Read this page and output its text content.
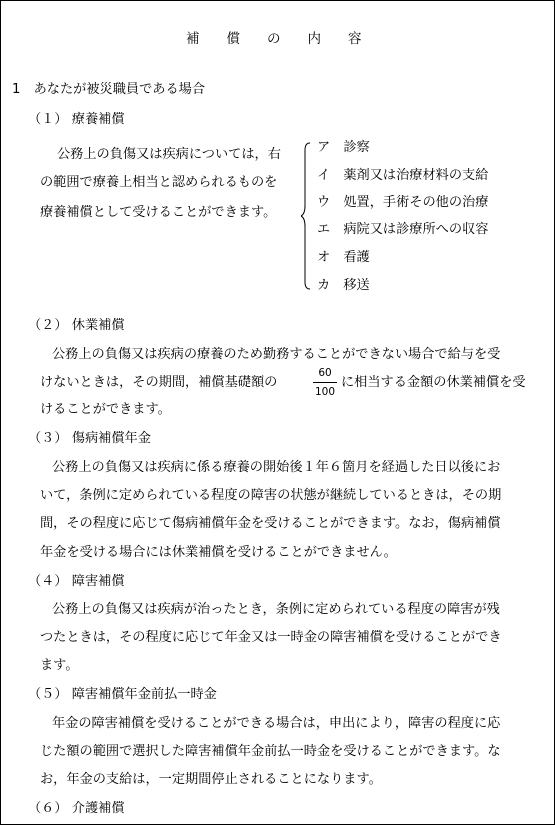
補　　償　　の　　内　　容
1　あなたが被災職員である場合
（１） 療養補償
公務上の負傷又は疾病については，右
の範囲で療養上相当と認められるものを
療養補償として受けることができます。
ア　診察
イ　薬剤又は治療材料の支給
ウ　処置，手術その他の治療
エ　病院又は診療所への収容
オ　看護
カ　移送
（２） 休業補償
公務上の負傷又は疾病の療養のため勤務することができない場合で給与を受
けないときは，その期間，補償基礎額の
60
100
に相当する金額の休業補償を受
けることができます。
（３） 傷病補償年金
公務上の負傷又は疾病に係る療養の開始後１年６箇月を経過した日以後にお
いて，条例に定められている程度の障害の状態が継続しているときは，その期
間，その程度に応じて傷病補償年金を受けることができます。なお，傷病補償
年金を受ける場合には休業補償を受けることができません。
（４） 障害補償
公務上の負傷又は疾病が治ったとき，条例に定められている程度の障害が残
つたときは，その程度に応じて年金又は一時金の障害補償を受けることができ
ます。
（５） 障害補償年金前払一時金
年金の障害補償を受けることができる場合は，申出により，障害の程度に応
じた額の範囲で選択した障害補償年金前払一時金を受けることができます。な
お，年金の支給は，一定期間停止されることになります。
（６） 介護補償
